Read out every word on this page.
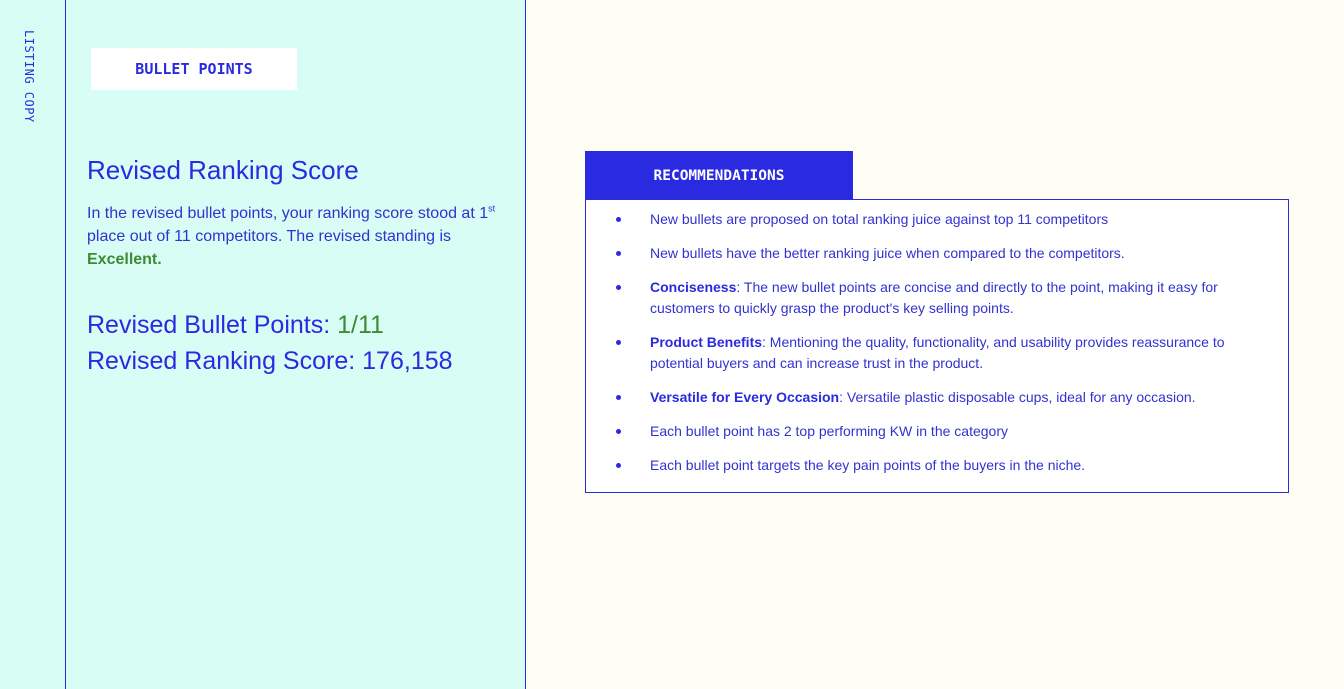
LISTING COPY	BULLET POINTS
Revised Ranking Score

In the revised bullet points, your ranking score stood at 1st place out of 11 competitors. The revised standing is Excellent.

Revised Bullet Points: 1/11
Revised Ranking Score: 176,158
RECOMMENDATIONS
New bullets are proposed on total ranking juice against top 11 competitors
New bullets have the better ranking juice when compared to the competitors.
Conciseness: The new bullet points are concise and directly to the point, making it easy for customers to quickly grasp the product's key selling points.
Product Benefits: Mentioning the quality, functionality, and usability provides reassurance to potential buyers and can increase trust in the product.
Versatile for Every Occasion: Versatile plastic disposable cups, ideal for any occasion.
Each bullet point has 2 top performing KW in the category
Each bullet point targets the key pain points of the buyers in the niche.
